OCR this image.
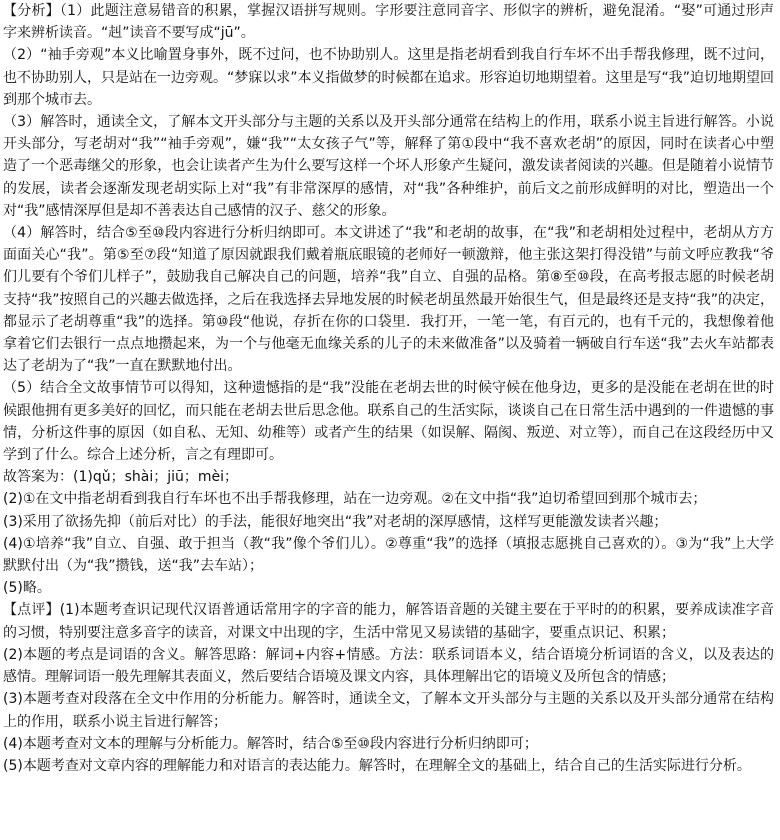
【分析】（1）此题注意易错音的积累，掌握汉语拼写规则。字形要注意同音字、形似字的辨析，避免混淆。“娶”可通过形声字来辨析读音。“赳”读音不要写成“jū”。

（2）“袖手旁观”本义比喻置身事外，既不过问，也不协助别人。这里是指老胡看到我自行车坏不出手帮我修理，既不过问，也不协助别人，只是站在一边旁观。“梦寐以求”本义指做梦的时候都在追求。形容迫切地期望着。这里是写“我”迫切地期望回到那个城市去。

（3）解答时，通读全文，了解本文开头部分与主题的关系以及开头部分通常在结构上的作用，联系小说主旨进行解答。小说开头部分，写老胡对“我”“袖手旁观”，嫌“我”“太女孩子气”等，解释了第①段中“我不喜欢老胡”的原因，同时在读者心中塑造了一个恶毒继父的形象，也会让读者产生为什么要写这样一个坏人形象产生疑问，激发读者阅读的兴趣。但是随着小说情节的发展，读者会逐渐发现老胡实际上对“我”有非常深厚的感情，对“我”各种维护，前后文之前形成鲜明的对比，塑造出一个对“我”感情深厚但是却不善表达自己感情的汉子、慈父的形象。

（4）解答时，结合⑤至⑩段内容进行分析归纳即可。本文讲述了“我”和老胡的故事，在“我”和老胡相处过程中，老胡从方方面面关心“我”。第⑤至⑦段“知道了原因就跟我们戴着瓶底眼镜的老师好一顿激辩，他主张这架打得没错”与前文呼应教我“爷们儿要有个爷们儿样子”，鼓励我自己解决自己的问题，培养“我”自立、自强的品格。第⑧至⑩段，在高考报志愿的时候老胡支持“我”按照自己的兴趣去做选择，之后在我选择去异地发展的时候老胡虽然最开始很生气，但是最终还是支持“我”的决定，都显示了老胡尊重“我”的选择。第⑩段“他说，存折在你的口袋里．我打开，一笔一笔，有百元的，也有千元的，我想像着他拿着它们去银行一点点地攒起来，为一个与他毫无血缘关系的儿子的未来做准备”以及骑着一辆破自行车送“我”去火车站都表达了老胡为了“我”一直在默默地付出。

（5）结合全文故事情节可以得知，这种遗憾指的是“我”没能在老胡去世的时候守候在他身边，更多的是没能在老胡在世的时候跟他拥有更多美好的回忆，而只能在老胡去世后思念他。联系自己的生活实际，谈谈自己在日常生活中遇到的一件遗憾的事情，分析这件事的原因（如自私、无知、幼稚等）或者产生的结果（如误解、隔阂、叛逆、对立等），而自己在这段经历中又学到了什么。综合上述分析，言之有理即可。

故答案为：(1)qǔ；shài；jiū；mèi；

(2)①在文中指老胡看到我自行车坏也不出手帮我修理，站在一边旁观。②在文中指“我”迫切希望回到那个城市去；

(3)采用了欲扬先抑（前后对比）的手法，能很好地突出“我”对老胡的深厚感情，这样写更能激发读者兴趣；

(4)①培养“我”自立、自强、敢于担当（教“我”像个爷们儿）。②尊重“我”的选择（填报志愿挑自己喜欢的）。③为“我”上大学默默付出（为“我”攒钱，送“我”去车站）；

(5)略。

【点评】(1)本题考查识记现代汉语普通话常用字的字音的能力，解答语音题的关键主要在于平时的的积累，要养成读准字音的习惯，特别要注意多音字的读音，对课文中出现的字，生活中常见又易读错的基础字，要重点识记、积累；

(2)本题的考点是词语的含义。解答思路：解词+内容+情感。方法：联系词语本义，结合语境分析词语的含义，以及表达的感情。理解词语一般先理解其表面义，然后要结合语境及课文内容，具体理解出它的语境义及所包含的情感；

(3)本题考查对段落在全文中作用的分析能力。解答时，通读全文，了解本文开头部分与主题的关系以及开头部分通常在结构上的作用，联系小说主旨进行解答；

(4)本题考查对文本的理解与分析能力。解答时，结合⑤至⑩段内容进行分析归纳即可；

(5)本题考查对文章内容的理解能力和对语言的表达能力。解答时，在理解全文的基础上，结合自己的生活实际进行分析。
